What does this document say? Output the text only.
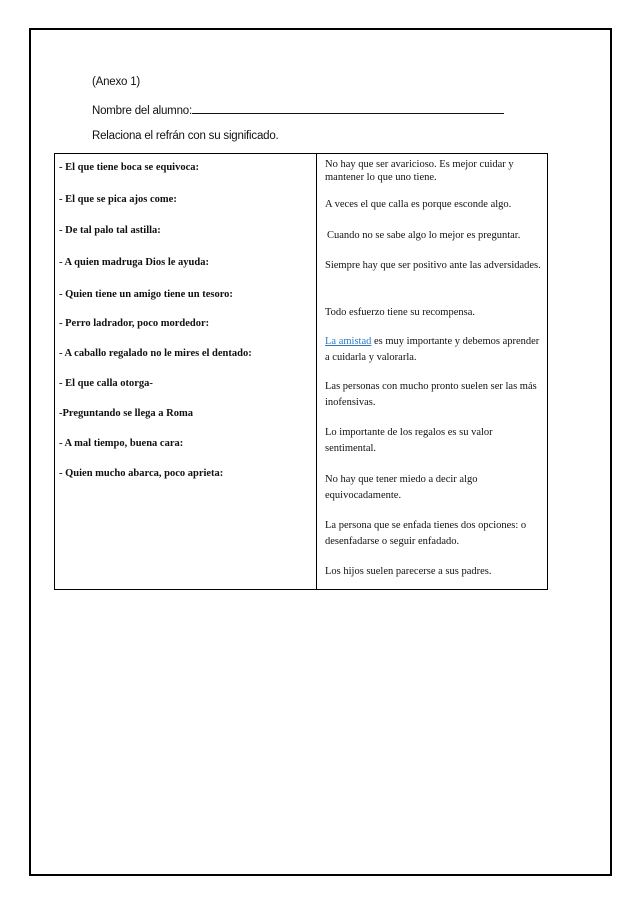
(Anexo 1)
Nombre del alumno:
Relaciona el refrán con su significado.
- El que tiene boca se equivoca:
- El que se pica ajos come:
- De tal palo tal astilla:
- A quien madruga Dios le ayuda:
- Quien tiene un amigo tiene un tesoro:
- Perro ladrador, poco mordedor:
- A caballo regalado no le mires el dentado:
- El que calla otorga-
-Preguntando se llega a Roma
- A mal tiempo, buena cara:
- Quien mucho abarca, poco aprieta:
No hay que ser avaricioso. Es mejor cuidar y mantener lo que uno tiene.
A veces el que calla es porque esconde algo.
Cuando no se sabe algo lo mejor es preguntar.
Siempre hay que ser positivo ante las adversidades.
Todo esfuerzo tiene su recompensa.
La amistad es muy importante y debemos aprender a cuidarla y valorarla.
Las personas con mucho pronto suelen ser las más inofensivas.
Lo importante de los regalos es su valor sentimental.
No hay que tener miedo a decir algo equivocadamente.
La persona que se enfada tienes dos opciones: o desenfadarse o seguir enfadado.
Los hijos suelen parecerse a sus padres.
